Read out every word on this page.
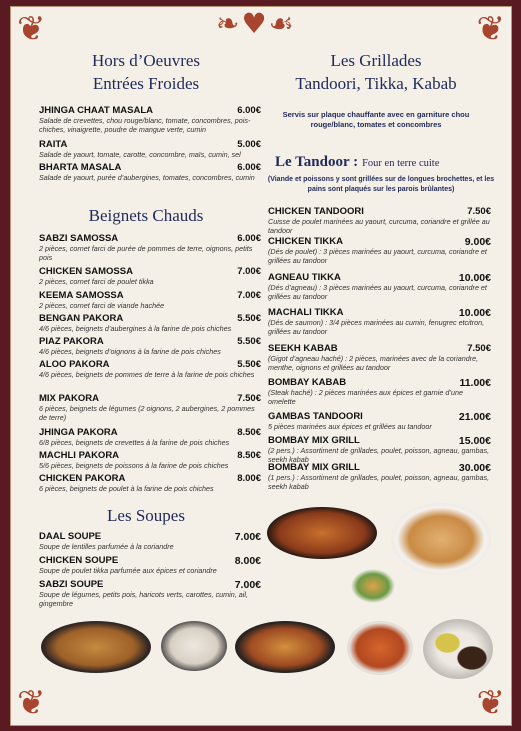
❦	❦
❧♥☙
❦	❦
Hors d’Oeuvres
Entrées Froides
JHINGA CHAAT MASALA	6.00€
Salade de crevettes, chou rouge/blanc, tomate, concombres, pois-chiches, vinaigrette, poudre de mangue verte, cumin
RAITA	5.00€
Salade de yaourt, tomate, carotte, concombre, maïs, cumin, sel
BHARTA MASALA	6.00€
Salade de yaourt, purée d’aubergines, tomates, concombres, cumin
Beignets Chauds
SABZI SAMOSSA	6.00€
2 pièces, cornet farci de purée de pommes de terre, oignons, petits pois
CHICKEN SAMOSSA	7.00€
2 pièces, cornet farci de poulet tikka
KEEMA SAMOSSA	7.00€
2 pièces, cornet farci de viande hachée
BENGAN PAKORA	5.50€
4/6 pièces, beignets d’aubergines à la farine de pois chiches
PIAZ PAKORA	5.50€
4/6 pièces, beignets d’oignons à la farine de pois chiches
ALOO PAKORA	5.50€
4/6 pièces, beignets de pommes de terre à la farine de pois chiches
MIX PAKORA	7.50€
6 pièces, beignets de légumes (2 oignons, 2 aubergines, 2 pommes de terre)
JHINGA PAKORA	8.50€
6/8 pièces, beignets de crevettes à la farine de pois chiches
MACHLI PAKORA	8.50€
5/6 pièces, beignets de poissons à la farine de pois chiches
CHICKEN PAKORA	8.00€
6 pièces, beignets de poulet à la farine de pois chiches
Les Soupes
DAAL SOUPE	7.00€
Soupe de lentilles parfumée à la coriandre
CHICKEN SOUPE	8.00€
Soupe de poulet tikka parfumée aux épices et coriandre
SABZI SOUPE	7.00€
Soupe de légumes, petits pois, haricots verts, carottes, cumin, ail, gingembre
Les Grillades
Tandoori, Tikka, Kabab
Servis sur plaque chauffante avec en garniture chou rouge/blanc, tomates et concombres
Le Tandoor : Four en terre cuite
(Viande et poissons y sont grillées sur de longues brochettes, et les pains sont plaqués sur les parois brûlantes)
CHICKEN TANDOORI	7.50€
Cuisse de poulet marinées au yaourt, curcuma, coriandre et grillée au tandoor
CHICKEN TIKKA	9.00€
(Dés de poulet) : 3 pièces marinées au yaourt, curcuma, coriandre et grillées au tandoor
AGNEAU TIKKA	10.00€
(Dés d’agneau) : 3 pièces marinées au yaourt, curcuma, coriandre et grillées au tandoor
MACHALI TIKKA	10.00€
(Dés de saumon) : 3/4 pièces marinées au cumin, fenugrec etcitron, grillées au tandoor
SEEKH KABAB	7.50€
(Gigot d’agneau haché) : 2 pièces, marinées avec de la coriandre, menthe, oignons et grillées au tandoor
BOMBAY KABAB	11.00€
(Steak haché) : 2 pièces marinées aux épices et garnie d’une omelette
GAMBAS TANDOORI	21.00€
5 pièces marinées aux épices et grillées au tandoor
BOMBAY MIX GRILL	15.00€
(2 pers.) : Assortiment de grillades, poulet, poisson, agneau, gambas, seekh kabab
BOMBAY MIX GRILL	30.00€
(1 pers.) : Assortiment de grillades, poulet, poisson, agneau, gambas, seekh kabab
